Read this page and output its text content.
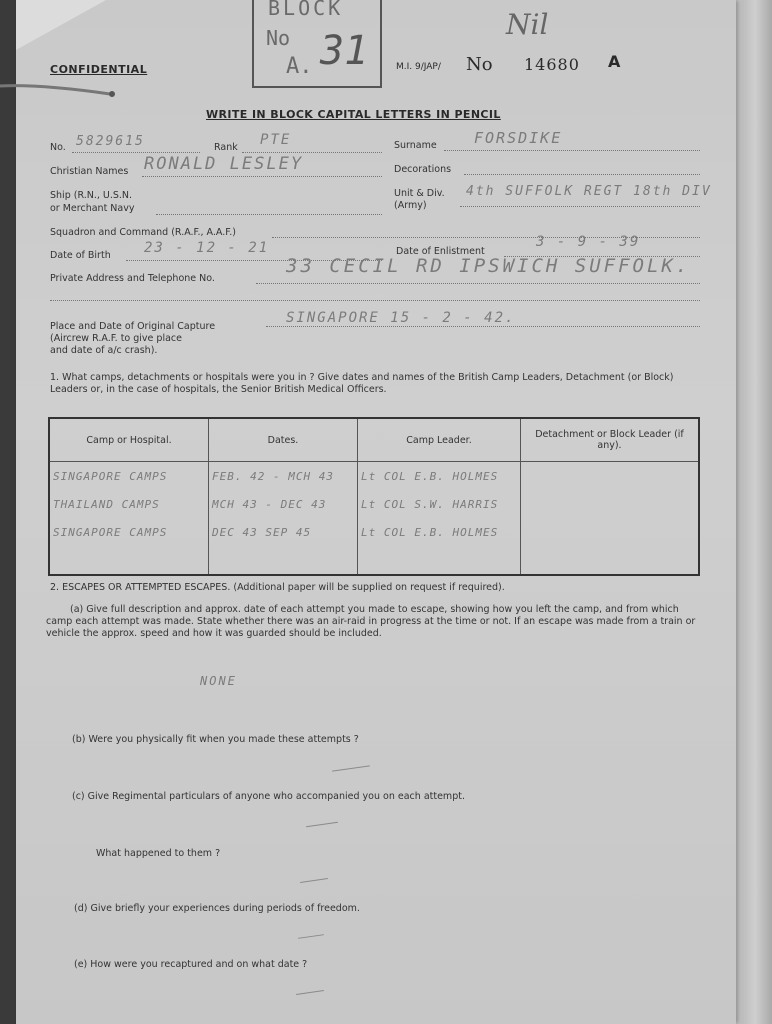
BLOCK
No 31
A.
Nil
CONFIDENTIAL	M.I. 9/JAP/ No 14680 A
WRITE IN BLOCK CAPITAL LETTERS IN PENCIL
No. 5829615	Rank PTE	Surname FORSDIKE
Christian Names RONALD LESLEY	Decorations
Ship (R.N., U.S.N.
or Merchant Navy
Unit & Div.
(Army)
4th SUFFOLK REGT 18th DIV
Squadron and Command (R.A.F., A.A.F.)
Date of Birth 23 - 12 - 21	Date of Enlistment
3 - 9 - 39
Private Address and Telephone No.
33 CECIL RD IPSWICH SUFFOLK.
Place and Date of Original Capture
(Aircrew R.A.F. to give place
and date of a/c crash).
SINGAPORE 15 - 2 - 42.
1. What camps, detachments or hospitals were you in ? Give dates and names of the British Camp Leaders, Detachment (or Block) Leaders or, in the case of hospitals, the Senior British Medical Officers.
Camp or Hospital.	Dates.	Camp Leader.	Detachment or Block Leader (if any).
SINGAPORE CAMPS	FEB. 42 - MCH 43	Lt COL E.B. HOLMES	
THAILAND CAMPS	MCH 43 - DEC 43	Lt COL S.W. HARRIS	
SINGAPORE CAMPS	DEC 43 SEP 45	Lt COL E.B. HOLMES	

2. ESCAPES OR ATTEMPTED ESCAPES. (Additional paper will be supplied on request if required).
(a) Give full description and approx. date of each attempt you made to escape, showing how you left the camp, and from which camp each attempt was made. State whether there was an air-raid in progress at the time or not. If an escape was made from a train or vehicle the approx. speed and how it was guarded should be included.
NONE
(b) Were you physically fit when you made these attempts ?
(c) Give Regimental particulars of anyone who accompanied you on each attempt.
What happened to them ?
(d) Give briefly your experiences during periods of freedom.
(e) How were you recaptured and on what date ?
